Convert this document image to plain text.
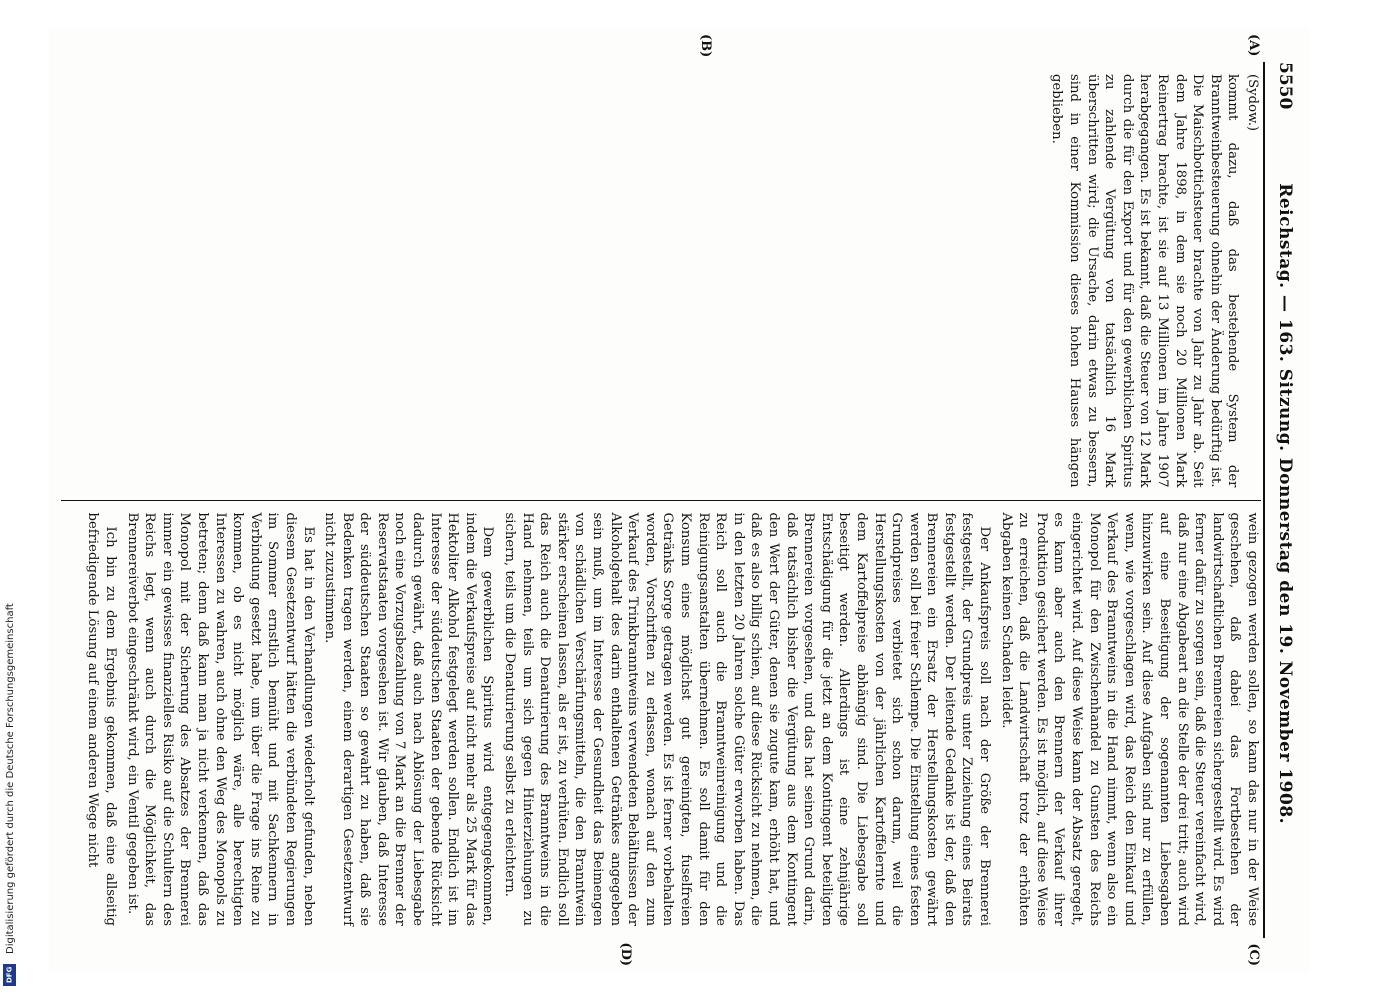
5550
Reichstag. — 163. Sitzung. Donnerstag den 19. November 1908.
(A)
(B)
(Sydow.)

kommt dazu, daß das bestehende System der Branntweinbesteuerung ohnehin der Änderung bedürftig ist. Die Maischbottichsteuer brachte von Jahr zu Jahr ab. Seit dem Jahre 1898, in dem sie noch 20 Millionen Mark Reinertrag brachte, ist sie auf 13 Millionen im Jahre 1907 herabgegangen. Es ist bekannt, daß die Steuer von 12 Mark durch die für den Export und für den gewerblichen Spiritus zu zahlende Vergütung von tatsächlich 16 Mark überschritten wird; die Ursache, darin etwas zu bessern, sind in einer Kommission dieses hohen Hauses hängen geblieben.

(C)
(D)

wein gezogen werden sollen, so kann das nur in der Weise geschehen, daß dabei das Fortbestehen der landwirtschaftlichen Brennereien sichergestellt wird. Es wird ferner dafür zu sorgen sein, daß die Steuer vereinfacht wird, daß nur eine Abgabeart an die Stelle der drei tritt; auch wird auf eine Beseitigung der sogenannten Liebesgaben hinzuwirken sein. Auf diese Aufgaben sind nur zu erfüllen, wenn, wie vorgeschlagen wird, das Reich den Einkauf und Verkauf des Branntweins in die Hand nimmt, wenn also ein Monopol für den Zwischenhandel zu Gunsten des Reichs eingerichtet wird. Auf diese Weise kann der Absatz geregelt, es kann aber auch den Brennern der Verkauf ihrer Produktion gesichert werden. Es ist möglich, auf diese Weise zu erreichen, daß die Landwirtschaft trotz der erhöhten Abgaben keinen Schaden leidet.

Der Ankaufspreis soll nach der Größe der Brennerei festgestellt, der Grundpreis unter Zuziehung eines Beirats festgestellt werden. Der leitende Gedanke ist der, daß den Brennereien ein Ersatz der Herstellungskosten gewährt werden soll bei freier Schlempe. Die Einstellung eines festen Grundpreises verbietet sich schon darum, weil die Herstellungskosten von der jährlichen Kartoffelernte und dem Kartoffelpreise abhängig sind. Die Liebesgabe soll beseitigt werden. Allerdings ist eine zehnjährige Entschädigung für die jetzt an dem Kontingent beteiligten Brennereien vorgesehen, und das hat seinen Grund darin, daß tatsächlich bisher die Vergütung aus dem Kontingent den Wert der Güter, denen sie zugute kam, erhöht hat, und daß es also billig schien, auf diese Rücksicht zu nehmen, die in den letzten 20 Jahren solche Güter erworben haben. Das Reich soll auch die Branntweinreinigung und die Reinigungsanstalten übernehmen. Es soll damit für den Konsum eines möglichst gut gereinigten, fuselfreien Getränks Sorge getragen werden. Es ist ferner vorbehalten worden, Vorschriften zu erlassen, wonach auf den zum Verkauf des Trinkbranntweins verwendeten Behältnissen der Alkoholgehalt des darin enthaltenen Getränkes angegeben sein muß, um im Interesse der Gesundheit das Beimengen von schädlichen Verschärfungsmitteln, die den Branntwein stärker erscheinen lassen, als er ist, zu verhüten. Endlich soll das Reich auch die Denaturierung des Branntweins in die Hand nehmen, teils um sich gegen Hinterziehungen zu sichern, teils um die Denaturierung selbst zu erleichtern.

Dem gewerblichen Spiritus wird entgegengekommen, indem die Verkaufspreise auf nicht mehr als 25 Mark für das Hektoliter Alkohol festgelegt werden sollen. Endlich ist im Interesse der süddeutschen Staaten der gebende Rücksicht dadurch gewährt, daß auch nach Ablösung der Liebesgabe noch eine Vorzugsbezahlung von 7 Mark an die Brenner der Reservatstaaten vorgesehen ist. Wir glauben, daß Interesse der süddeutschen Staaten so gewahrt zu haben, daß sie Bedenken tragen werden, einem derartigen Gesetzentwurf nicht zuzustimmen.

Es hat in den Verhandlungen wiederholt gefunden, neben diesem Gesetzentwurf hätten die verbündeten Regierungen im Sommer ernstlich bemüht und mit Sachkennern in Verbindung gesetzt habe, um über die Frage ins Reine zu kommen, ob es nicht möglich wäre, alle berechtigten Interessen zu wahren, auch ohne den Weg des Monopols zu betreten; denn daß kann man ja nicht verkennen, daß das Monopol mit der Sicherung des Absatzes der Brennerei immer ein gewisses finanzielles Risiko auf die Schultern des Reichs legt, wenn auch durch die Möglichkeit, das Brennereiverbot eingeschränkt wird, ein Ventil gegeben ist.

Ich bin zu dem Ergebnis gekommen, daß eine allseitig befriedigende Lösung auf einem anderen Wege nicht

Digitalisierung gefördert durch die Deutsche Forschungsgemeinschaft
DFG
